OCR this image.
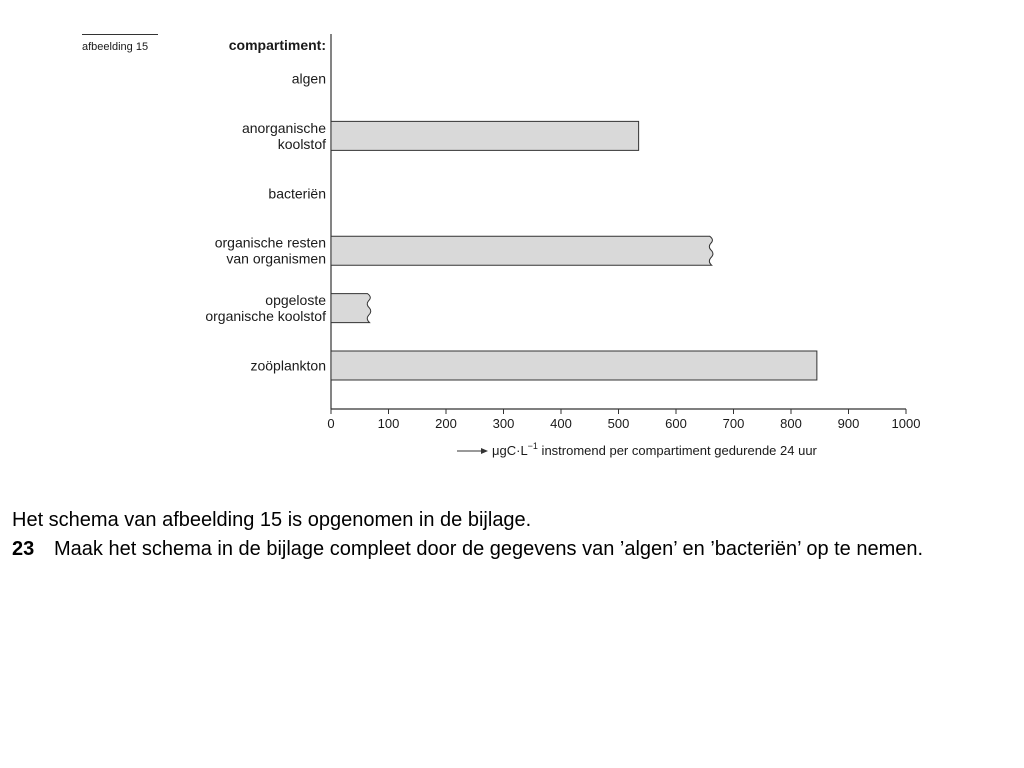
afbeelding 15	compartiment:
algen
anorganische koolstof
bacteriën
organische resten van organismen
opgeloste organische koolstof
zoöplankton
0	100	200	300	400	500	600	700	800	900 1000
$\mu gC\cdot L^{-1}$ instromend per compartiment gedurende 24 uur

Het schema van afbeelding 15 is opgenomen in de bijlage.

23 Maak het schema in de bijlage compleet door de gegevens van ’algen’ en ’bacteriën’ op te nemen.
